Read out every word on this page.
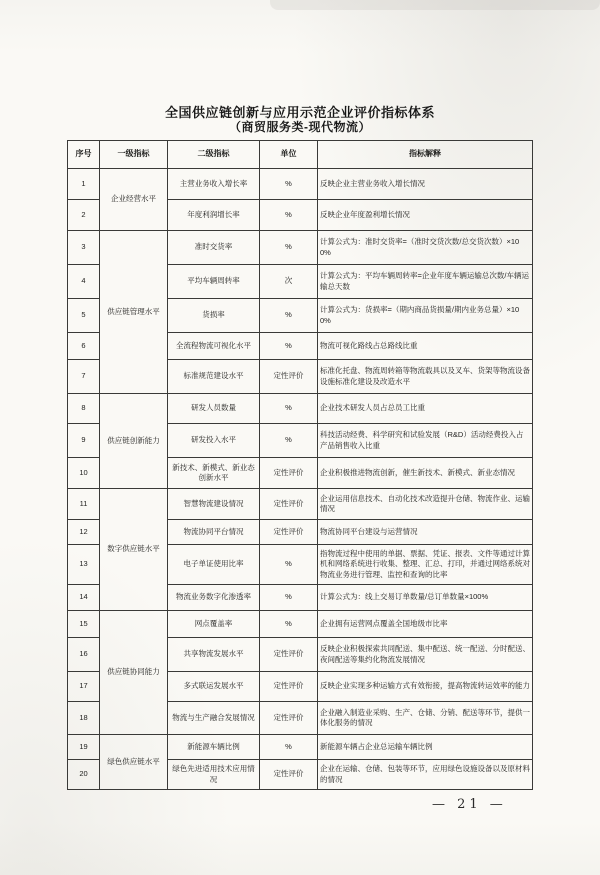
全国供应链创新与应用示范企业评价指标体系
（商贸服务类-现代物流）
序号	一级指标	二级指标	单位	指标解释
1	企业经营水平	主营业务收入增长率	%	反映企业主营业务收入增长情况
2		年度利润增长率	%	反映企业年度盈利增长情况
3	供应链管理水平	准时交货率	%	计算公式为：准时交货率=（准时交货次数/总交货次数）×100%
4		平均车辆周转率	次	计算公式为：平均车辆周转率=企业年度车辆运输总次数/车辆运输总天数
5		货损率	%	计算公式为：货损率=（期内商品货损量/期内业务总量）×100%
6		全流程物流可视化水平	%	物流可视化路线占总路线比重
7		标准规范建设水平	定性评价	标准化托盘、物流周转箱等物流载具以及叉车、货架等物流设备设施标准化建设及改造水平
8	供应链创新能力	研发人员数量	%	企业技术研发人员占总员工比重
9		研发投入水平	%	科技活动经费、科学研究和试验发展（R&D）活动经费投入占产品销售收入比重
10		新技术、新模式、新业态创新水平	定性评价	企业积极推进物流创新，催生新技术、新模式、新业态情况
11	数字供应链水平	智慧物流建设情况	定性评价	企业运用信息技术、自动化技术改造提升仓储、物流作业、运输情况
12		物流协同平台情况	定性评价	物流协同平台建设与运营情况
13		电子单证使用比率	%	指物流过程中使用的单据、票据、凭证、报表、文件等通过计算机和网络系统进行收集、整理、汇总、打印，并通过网络系统对物流业务进行管理、监控和查询的比率
14		物流业务数字化渗透率	%	计算公式为：线上交易订单数量/总订单数量×100%
15	供应链协同能力	网点覆盖率	%	企业拥有运营网点覆盖全国地级市比率
16		共享物流发展水平	定性评价	反映企业积极探索共同配送、集中配送、统一配送、分时配送、夜间配送等集约化物流发展情况
17		多式联运发展水平	定性评价	反映企业实现多种运输方式有效衔接，提高物流转运效率的能力
18		物流与生产融合发展情况	定性评价	企业融入制造业采购、生产、仓储、分销、配送等环节，提供一体化服务的情况
19	绿色供应链水平	新能源车辆比例	%	新能源车辆占企业总运输车辆比例
20		绿色先进适用技术应用情况	定性评价	企业在运输、仓储、包装等环节，应用绿色设施设备以及原材料的情况
— 21 —
